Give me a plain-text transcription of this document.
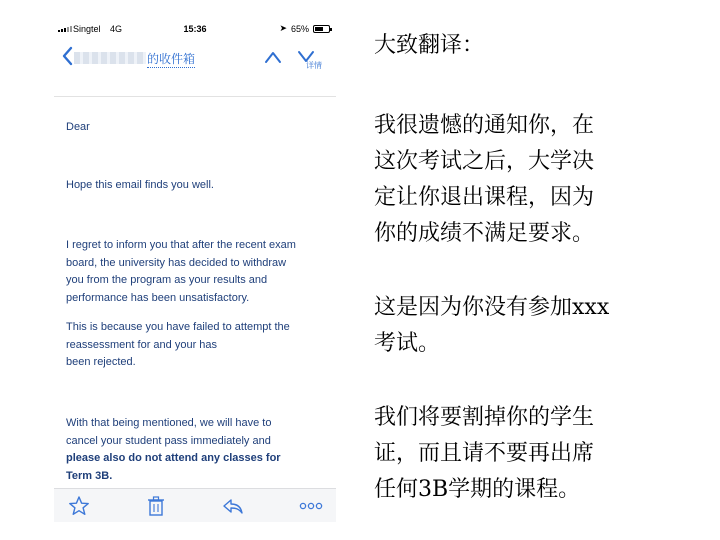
Singtel 4G	15:36	➤ 65%
的收件箱	详情

Dear

Hope this email finds you well.

I regret to inform you that after the recent exam
board, the university has decided to withdraw
you from the program as your results and
performance has been unsatisfactory.

This is because you have failed to attempt the
reassessment for and your has
been rejected.

With that being mentioned, we will have to
cancel your student pass immediately and

please also do not attend any classes for
Term 3B.

大致翻译：
我很遗憾的通知你，在
这次考试之后，大学决
定让你退出课程，因为
你的成绩不满足要求。
这是因为你没有参加xxx
考试。
我们将要割掉你的学生
证，而且请不要再出席
任何3B学期的课程。
